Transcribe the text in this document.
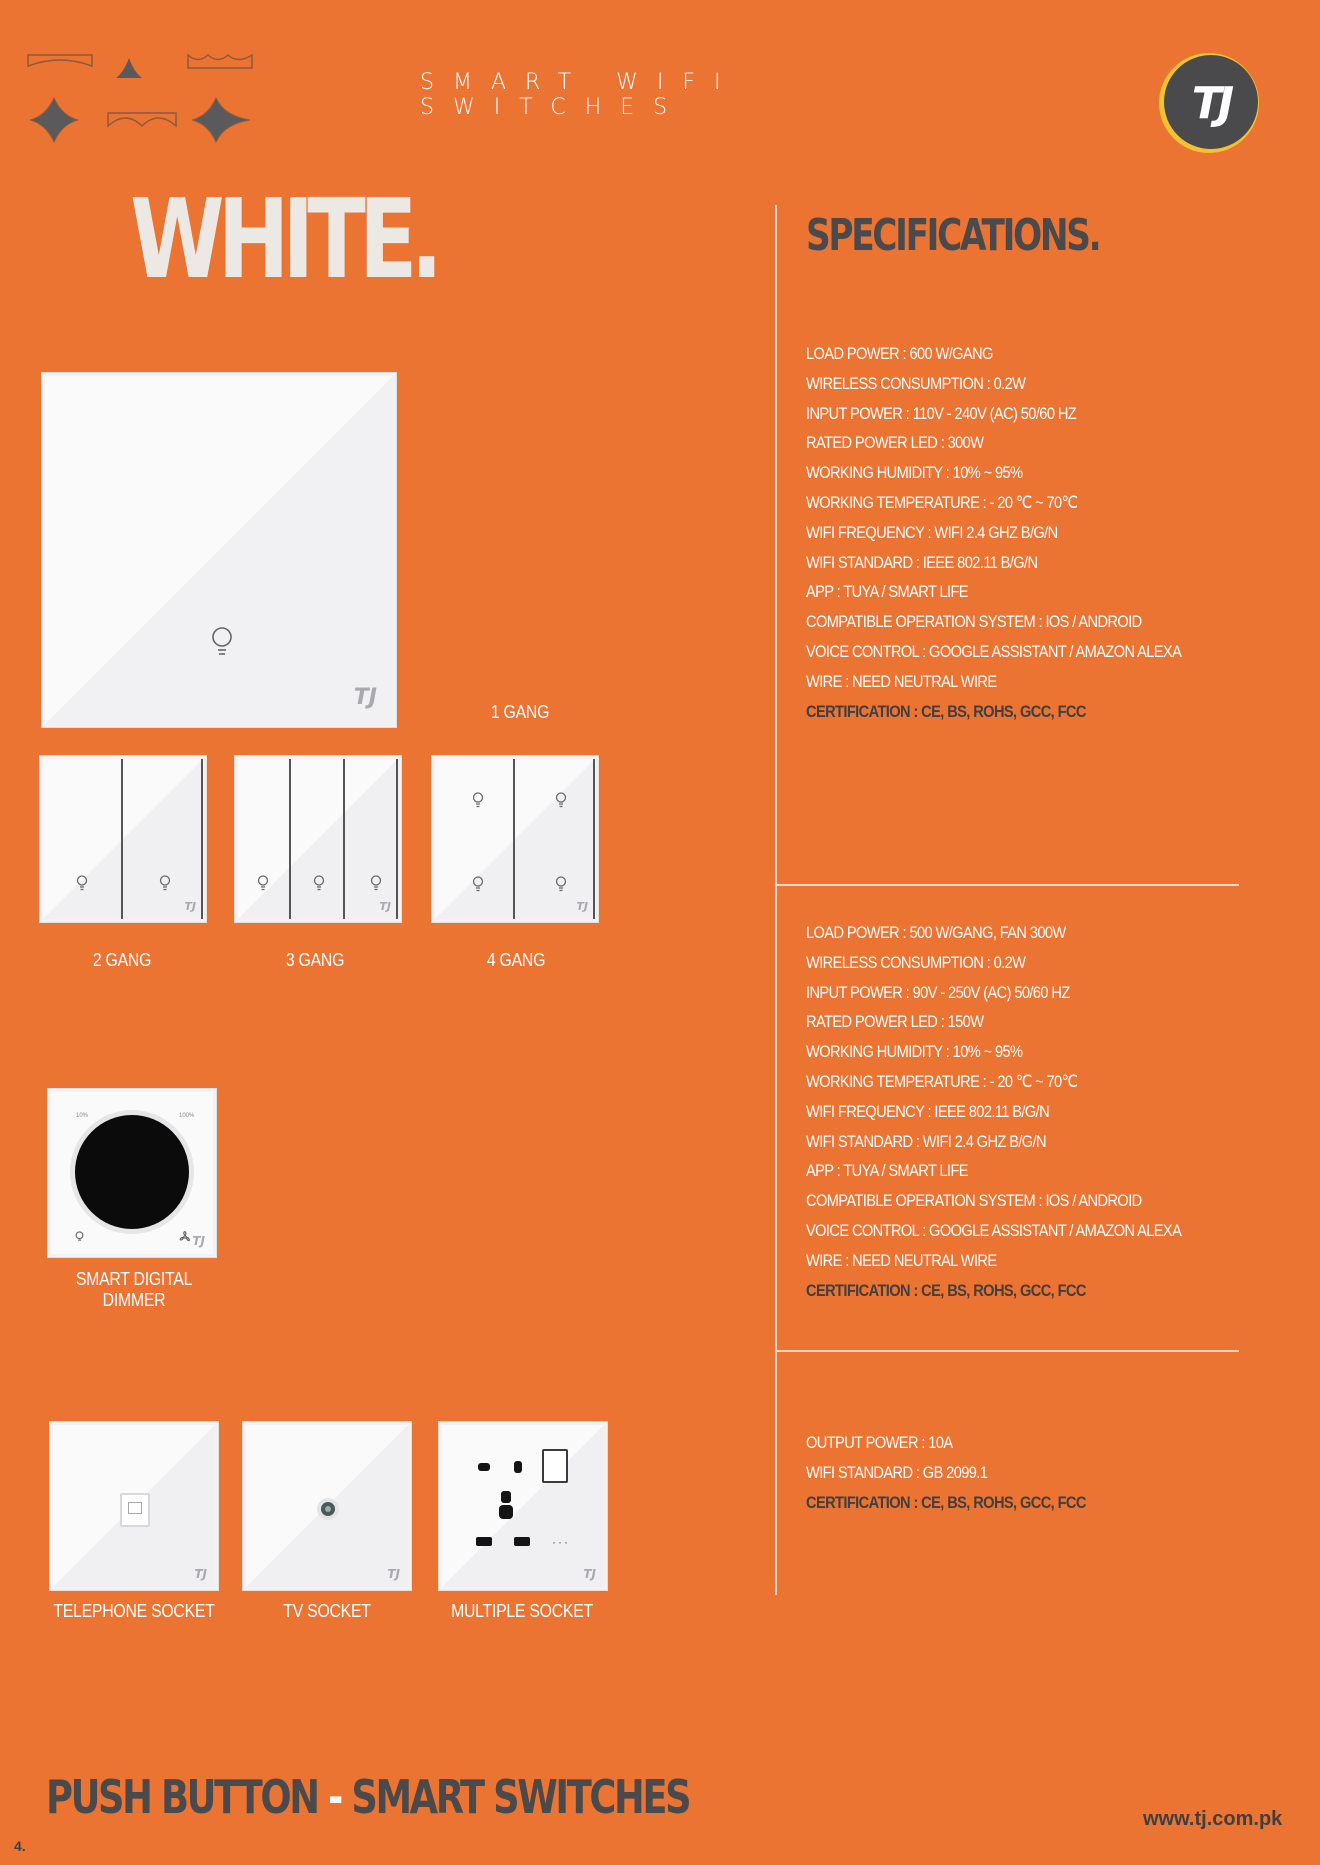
SMART WIFI SWITCHES	TJ
WHITE.	SPECIFICATIONS.
LOAD POWER : 600 W/GANG
WIRELESS CONSUMPTION : 0.2W
INPUT POWER : 110V - 240V (AC) 50/60 HZ
RATED POWER LED : 300W
WORKING HUMIDITY : 10% ~ 95%
WORKING TEMPERATURE : - 20 ℃ ~ 70℃
WIFI FREQUENCY : WIFI 2.4 GHZ B/G/N
WIFI STANDARD : IEEE 802.11 B/G/N
APP : TUYA / SMART LIFE
COMPATIBLE OPERATION SYSTEM : IOS / ANDROID
VOICE CONTROL : GOOGLE ASSISTANT / AMAZON ALEXA
WIRE : NEED NEUTRAL WIRE
CERTIFICATION : CE, BS, ROHS, GCC, FCC
LOAD POWER : 500 W/GANG, FAN 300W
WIRELESS CONSUMPTION : 0.2W
INPUT POWER : 90V - 250V (AC) 50/60 HZ
RATED POWER LED : 150W
WORKING HUMIDITY : 10% ~ 95%
WORKING TEMPERATURE : - 20 ℃ ~ 70℃
WIFI FREQUENCY : IEEE 802.11 B/G/N
WIFI STANDARD : WIFI 2.4 GHZ B/G/N
APP : TUYA / SMART LIFE
COMPATIBLE OPERATION SYSTEM : IOS / ANDROID
VOICE CONTROL : GOOGLE ASSISTANT / AMAZON ALEXA
WIRE : NEED NEUTRAL WIRE
CERTIFICATION : CE, BS, ROHS, GCC, FCC
OUTPUT POWER : 10A
WIFI STANDARD : GB 2099.1
CERTIFICATION : CE, BS, ROHS, GCC, FCC
TJ
1 GANG
TJ
2 GANG
TJ
3 GANG
TJ
4 GANG
10%	100%
TJ
SMART DIGITAL DIMMER
TJ
TELEPHONE SOCKET
TJ
TV SOCKET
···
TJ
MULTIPLE SOCKET
PUSH BUTTON - SMART SWITCHES	www.tj.com.pk
4.
